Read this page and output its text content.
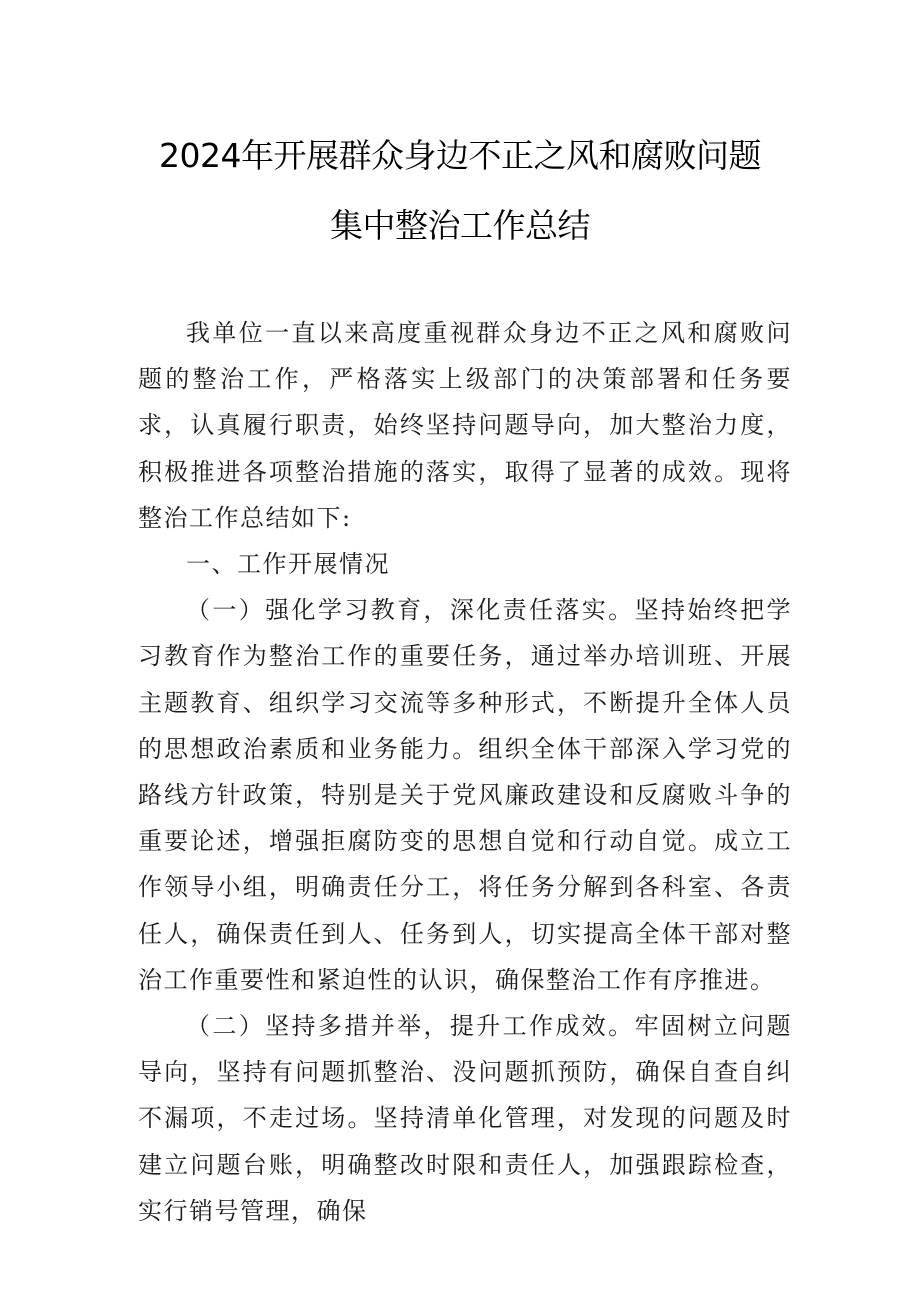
2024年开展群众身边不正之风和腐败问题
集中整治工作总结

我单位一直以来高度重视群众身边不正之风和腐败问题的整治工作，严格落实上级部门的决策部署和任务要求，认真履行职责，始终坚持问题导向，加大整治力度，积极推进各项整治措施的落实，取得了显著的成效。现将整治工作总结如下:

一、工作开展情况

（一）强化学习教育，深化责任落实。坚持始终把学习教育作为整治工作的重要任务，通过举办培训班、开展主题教育、组织学习交流等多种形式，不断提升全体人员的思想政治素质和业务能力。组织全体干部深入学习党的路线方针政策，特别是关于党风廉政建设和反腐败斗争的重要论述，增强拒腐防变的思想自觉和行动自觉。成立工作领导小组，明确责任分工，将任务分解到各科室、各责任人，确保责任到人、任务到人，切实提高全体干部对整治工作重要性和紧迫性的认识，确保整治工作有序推进。

（二）坚持多措并举，提升工作成效。牢固树立问题导向，坚持有问题抓整治、没问题抓预防，确保自查自纠不漏项，不走过场。坚持清单化管理，对发现的问题及时建立问题台账，明确整改时限和责任人，加强跟踪检查，实行销号管理，确保
